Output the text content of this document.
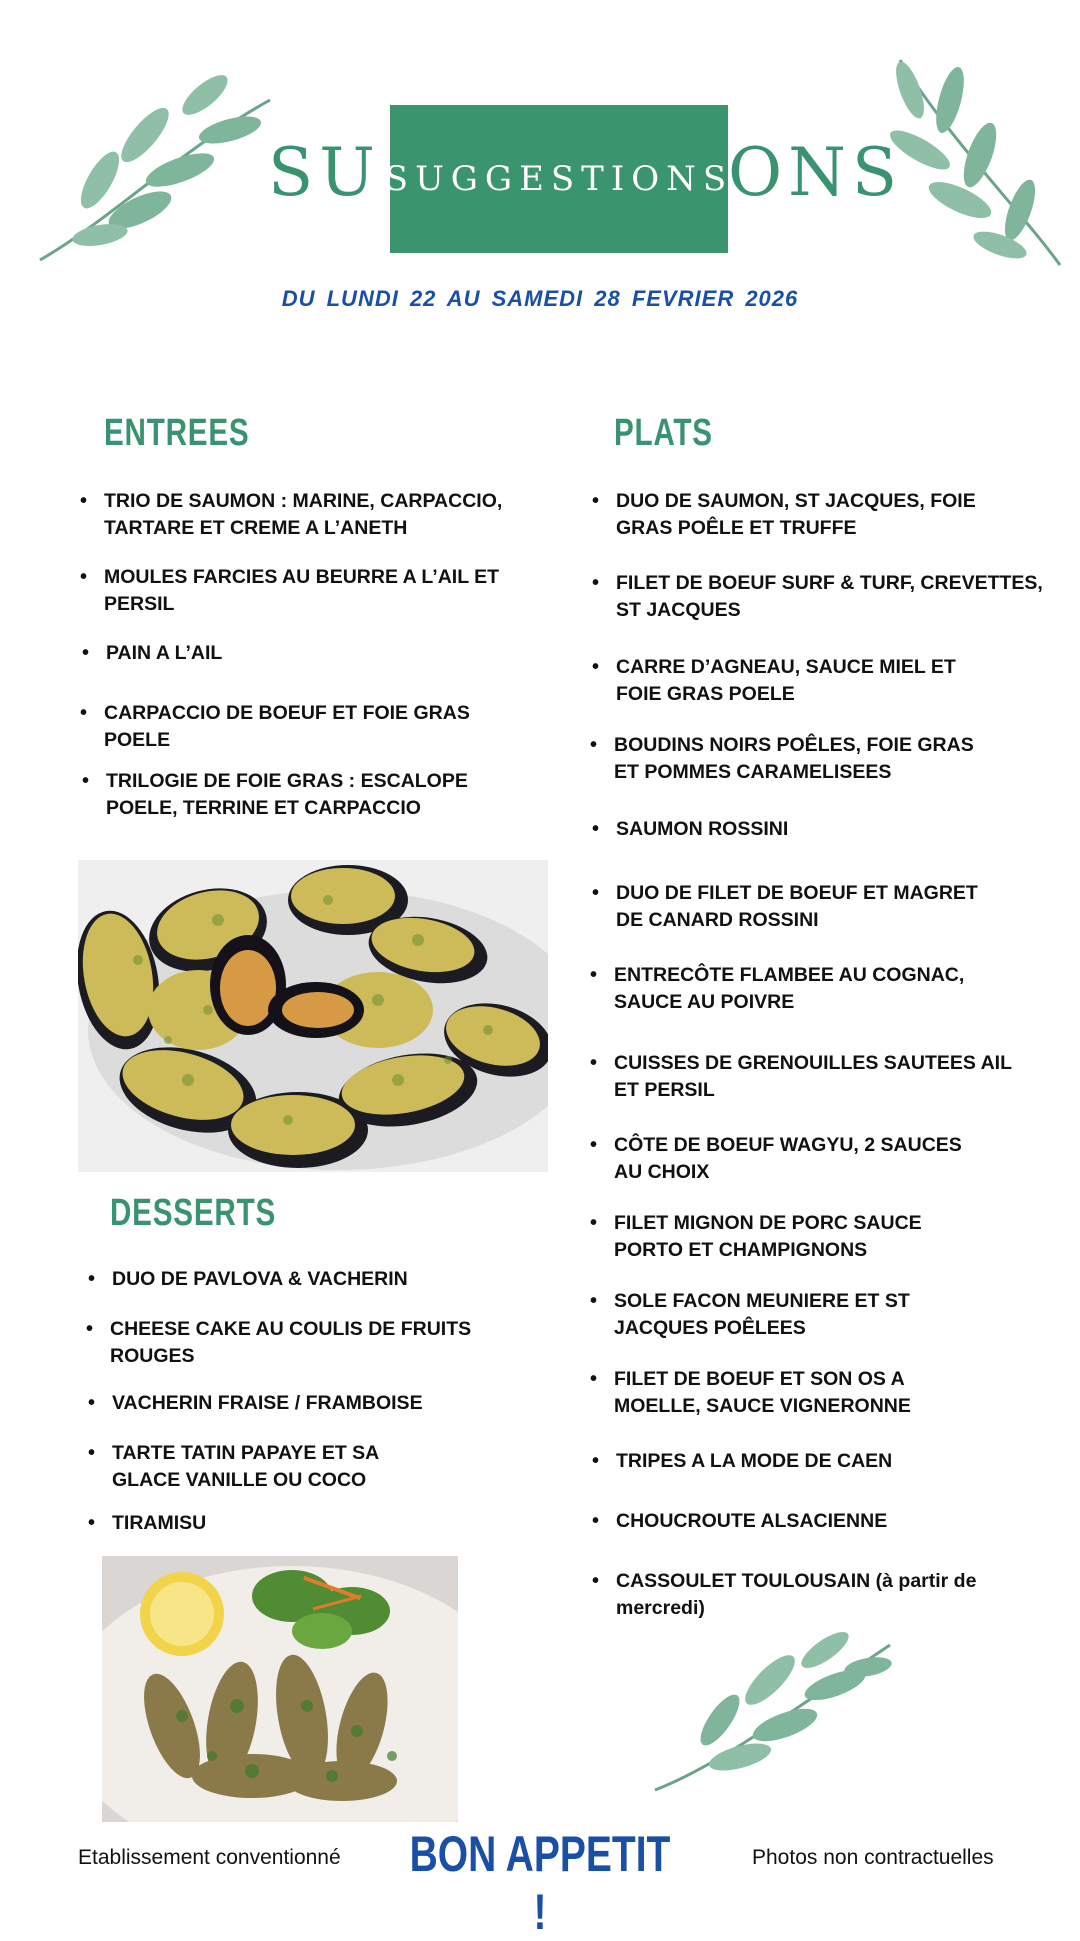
SU	ONS
SUGGESTIONS
DU LUNDI 22 AU SAMEDI 28 FEVRIER 2026
ENTREES	PLATS
DESSERTS
• TRIO DE SAUMON : MARINE, CARPACCIO,
TARTARE ET CREME A L’ANETH
• MOULES FARCIES AU BEURRE A L’AIL ET
PERSIL
• PAIN A L’AIL
• CARPACCIO DE BOEUF ET FOIE GRAS
POELE
• TRILOGIE DE FOIE GRAS : ESCALOPE
POELE, TERRINE ET CARPACCIO
• DUO DE PAVLOVA & VACHERIN
• CHEESE CAKE AU COULIS DE FRUITS
ROUGES
• VACHERIN FRAISE / FRAMBOISE
• TARTE TATIN PAPAYE ET SA
GLACE VANILLE OU COCO
• TIRAMISU
• DUO DE SAUMON, ST JACQUES, FOIE
GRAS POÊLE ET TRUFFE
• FILET DE BOEUF SURF & TURF, CREVETTES,
ST JACQUES
• CARRE D’AGNEAU, SAUCE MIEL ET
FOIE GRAS POELE
• BOUDINS NOIRS POÊLES, FOIE GRAS
ET POMMES CARAMELISEES
• SAUMON ROSSINI
• DUO DE FILET DE BOEUF ET MAGRET
DE CANARD ROSSINI
• ENTRECÔTE FLAMBEE AU COGNAC,
SAUCE AU POIVRE
• CUISSES DE GRENOUILLES SAUTEES AIL
ET PERSIL
• CÔTE DE BOEUF WAGYU, 2 SAUCES
AU CHOIX
• FILET MIGNON DE PORC SAUCE
PORTO ET CHAMPIGNONS
• SOLE FACON MEUNIERE ET ST
JACQUES POÊLEES
• FILET DE BOEUF ET SON OS A
MOELLE, SAUCE VIGNERONNE
• TRIPES A LA MODE DE CAEN
• CHOUCROUTE ALSACIENNE
• CASSOULET TOULOUSAIN (à partir de
mercredi)
Etablissement conventionné BON APPETIT !
Photos non contractuelles
